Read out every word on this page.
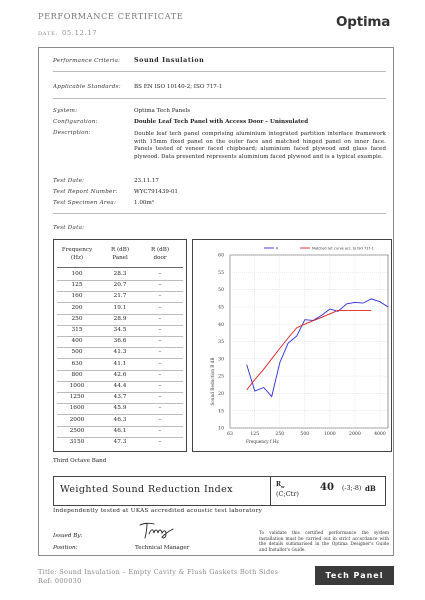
PERFORMANCE CERTIFICATE
DATE: 05.12.17
Optima
Performance Criteria: Sound Insulation
Applicable Standards: BS EN ISO 10140-2; ISO 717-1
System:	Optima Tech Panels
Configuration:	Double Leaf Tech Panel with Access Door – Uninsulated
Description:	Double leaf tech panel comprising aluminium integrated partition interface framework with 15mm fixed panel on the outer face and matched hinged panel on inner face. Panels tested of veneer faced chipboard; aluminium faced plywood and glass faced plywood. Data presented represents aluminium faced plywood and is a typical example.
Test Date:	23.11.17
Test Report Number:	WYC791439-01
Test Specimen Area:	1.00m²
Test Data:
Frequency
(Hz)
R (dB)
Panel
R (dB)
door
100	28.3	–
125	20.7	–
160	21.7	–
200	19.1	–
250	28.9	–
315	34.5	–
400	36.6	–
500	41.3	–
630	41.1	–
800	42.6	–
1000	44.4	–
1250	43.7	–
1600	45.9	–
2000	46.3	–
2500	46.1	–
3150	47.3	–
10
15
20
25
30
35
40
45
50
55
60
63	125	250	500	1000	2000	4000
Sound Reduction R dB
Frequency f Hz
R	Matched ref. curve acc. to ISO 717-1
Third Octave Band
Weighted Sound Reduction Index	$R_w$
(C;Ctr)
40 (-3;-8) dB
Independently tested at UKAS accredited acoustic test laboratory
Issued By:
Position:	Technical Manager
To validate this certified performance the system installation must be carried out in strict accordance with the details summarised in the Optima Designer's Guide and Installer's Guide.
Title: Sound Insulation – Empty Cavity & Flush Gaskets Both Sides
Ref: 000030
Tech Panel
